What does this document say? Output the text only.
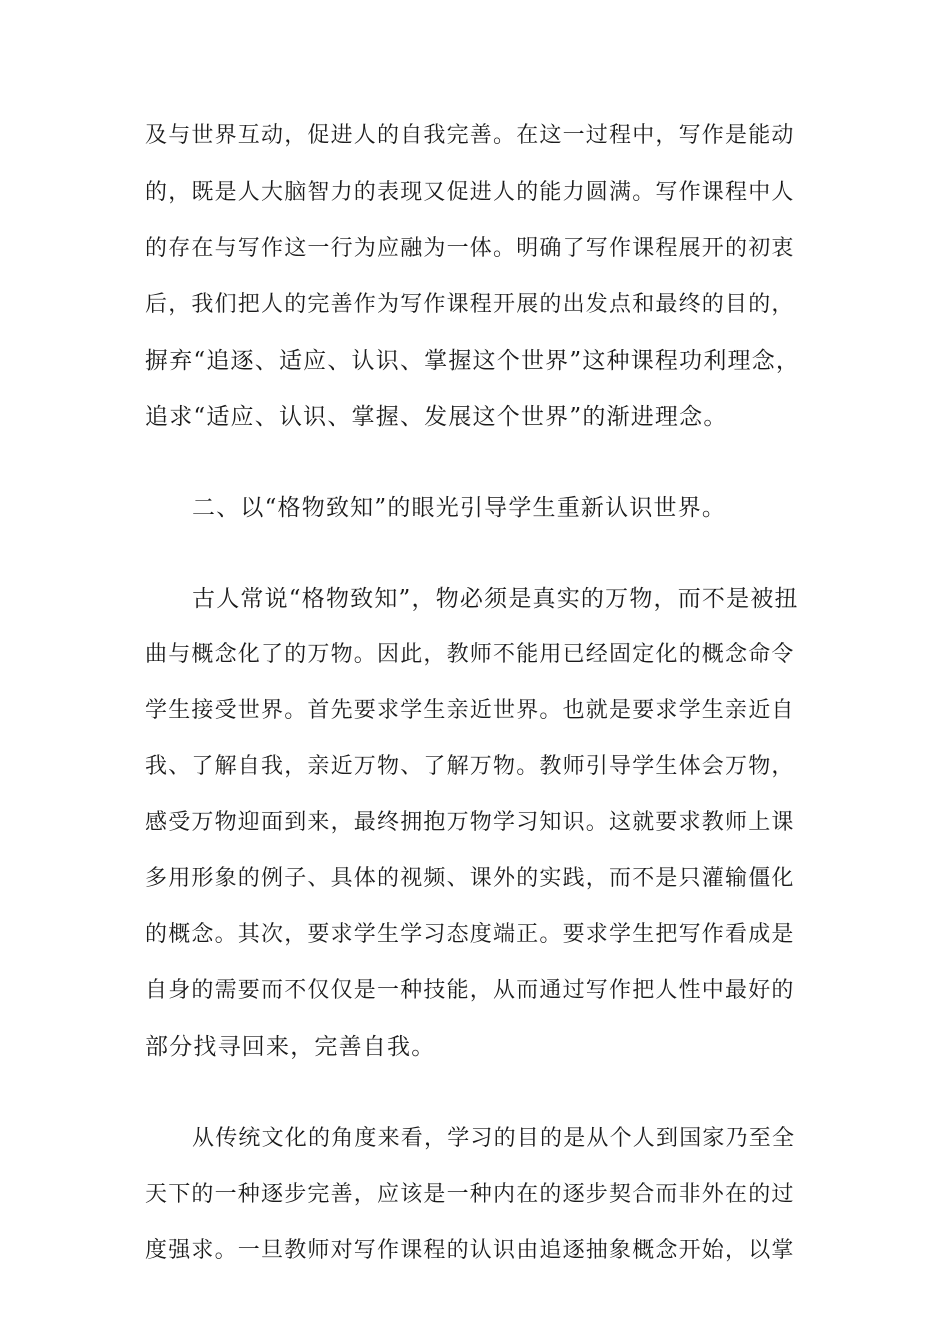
及与世界互动，促进人的自我完善。在这一过程中，写作是能动
的，既是人大脑智力的表现又促进人的能力圆满。写作课程中人
的存在与写作这一行为应融为一体。明确了写作课程展开的初衷
后，我们把人的完善作为写作课程开展的出发点和最终的目的，
摒弃“追逐、适应、认识、掌握这个世界”这种课程功利理念，
追求“适应、认识、掌握、发展这个世界”的渐进理念。
二、以“格物致知”的眼光引导学生重新认识世界。
古人常说“格物致知”，物必须是真实的万物，而不是被扭
曲与概念化了的万物。因此，教师不能用已经固定化的概念命令
学生接受世界。首先要求学生亲近世界。也就是要求学生亲近自
我、了解自我，亲近万物、了解万物。教师引导学生体会万物，
感受万物迎面到来，最终拥抱万物学习知识。这就要求教师上课
多用形象的例子、具体的视频、课外的实践，而不是只灌输僵化
的概念。其次，要求学生学习态度端正。要求学生把写作看成是
自身的需要而不仅仅是一种技能，从而通过写作把人性中最好的
部分找寻回来，完善自我。
从传统文化的角度来看，学习的目的是从个人到国家乃至全
天下的一种逐步完善，应该是一种内在的逐步契合而非外在的过
度强求。一旦教师对写作课程的认识由追逐抽象概念开始，以掌
